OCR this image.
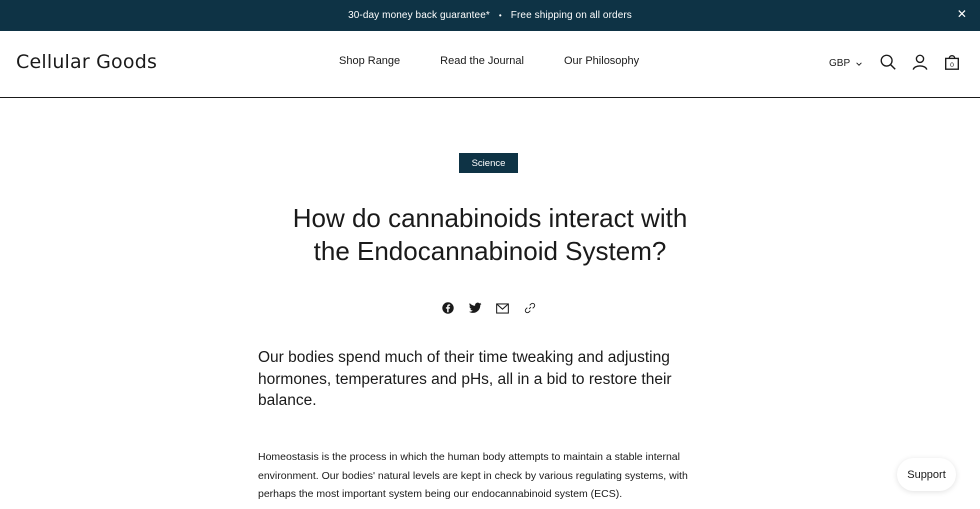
30-day money back guarantee* • Free shipping on all orders	✕
Cellular Goods	Shop Range	Read the Journal	Our Philosophy	GBP	0
Science
How do cannabinoids interact with
the Endocannabinoid System?

Our bodies spend much of their time tweaking and adjusting hormones, temperatures and pHs, all in a bid to restore their balance.

Homeostasis is the process in which the human body attempts to maintain a stable internal environment. Our bodies' natural levels are kept in check by various regulating systems, with perhaps the most important system being our endocannabinoid system (ECS).

Support
